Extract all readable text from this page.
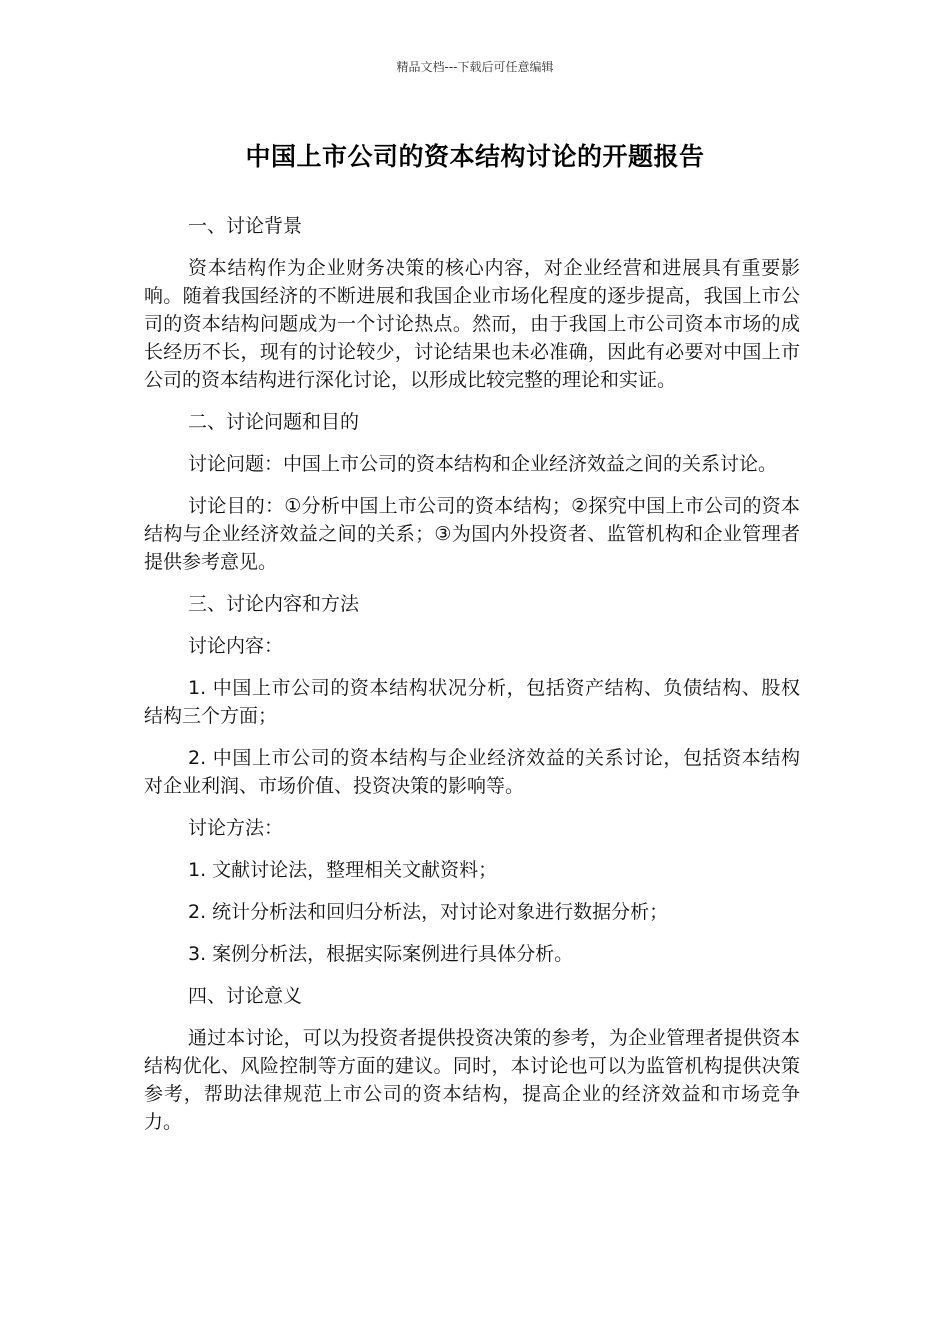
精品文档---下载后可任意编辑
中国上市公司的资本结构讨论的开题报告

一、讨论背景

资本结构作为企业财务决策的核心内容，对企业经营和进展具有重要影响。随着我国经济的不断进展和我国企业市场化程度的逐步提高，我国上市公司的资本结构问题成为一个讨论热点。然而，由于我国上市公司资本市场的成长经历不长，现有的讨论较少，讨论结果也未必准确，因此有必要对中国上市公司的资本结构进行深化讨论，以形成比较完整的理论和实证。

二、讨论问题和目的

讨论问题：中国上市公司的资本结构和企业经济效益之间的关系讨论。

讨论目的：①分析中国上市公司的资本结构；②探究中国上市公司的资本结构与企业经济效益之间的关系；③为国内外投资者、监管机构和企业管理者提供参考意见。

三、讨论内容和方法

讨论内容：

1. 中国上市公司的资本结构状况分析，包括资产结构、负债结构、股权结构三个方面；

2. 中国上市公司的资本结构与企业经济效益的关系讨论，包括资本结构对企业利润、市场价值、投资决策的影响等。

讨论方法：

1. 文献讨论法，整理相关文献资料；

2. 统计分析法和回归分析法，对讨论对象进行数据分析；

3. 案例分析法，根据实际案例进行具体分析。

四、讨论意义

通过本讨论，可以为投资者提供投资决策的参考，为企业管理者提供资本结构优化、风险控制等方面的建议。同时，本讨论也可以为监管机构提供决策参考，帮助法律规范上市公司的资本结构，提高企业的经济效益和市场竞争力。
